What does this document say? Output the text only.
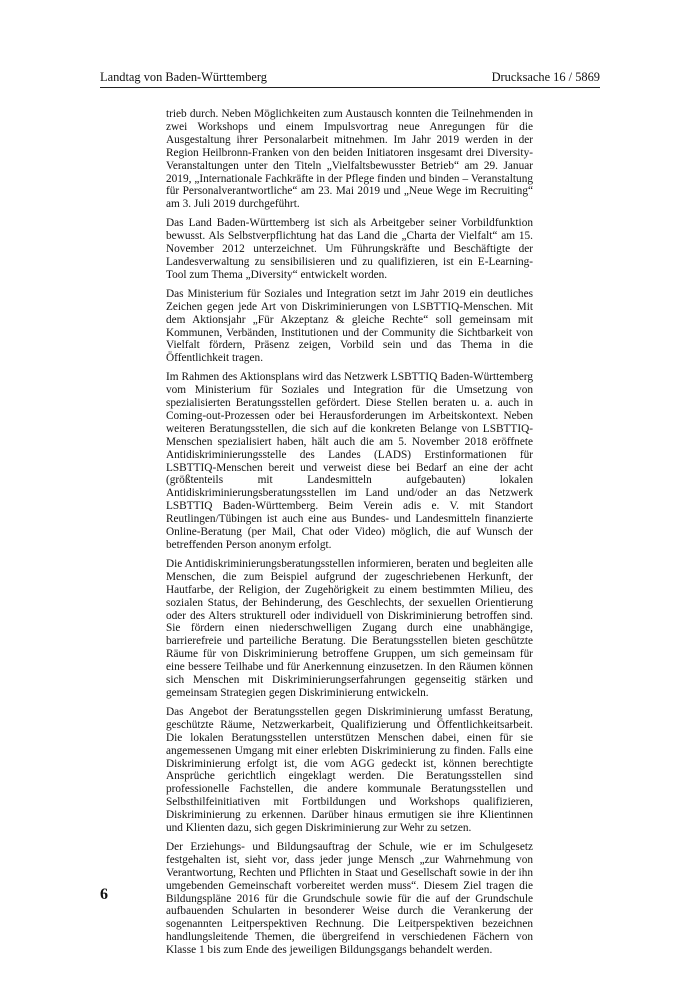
Landtag von Baden-Württemberg	Drucksache 16 / 5869

trieb durch. Neben Möglichkeiten zum Austausch konnten die Teilnehmenden in zwei Workshops und einem Impulsvortrag neue Anregungen für die Ausgestaltung ihrer Personalarbeit mitnehmen. Im Jahr 2019 werden in der Region Heilbronn-Franken von den beiden Initiatoren insgesamt drei Diversity-Veranstaltungen unter den Titeln „Vielfaltsbewusster Betrieb“ am 29. Januar 2019, „Internationale Fachkräfte in der Pflege finden und binden – Veranstaltung für Personalverantwortliche“ am 23. Mai 2019 und „Neue Wege im Recruiting“ am 3. Juli 2019 durchgeführt.

Das Land Baden-Württemberg ist sich als Arbeitgeber seiner Vorbildfunktion bewusst. Als Selbstverpflichtung hat das Land die „Charta der Vielfalt“ am 15. November 2012 unterzeichnet. Um Führungskräfte und Beschäftigte der Landesverwaltung zu sensibilisieren und zu qualifizieren, ist ein E-Learning-Tool zum Thema „Diversity“ entwickelt worden.

Das Ministerium für Soziales und Integration setzt im Jahr 2019 ein deutliches Zeichen gegen jede Art von Diskriminierungen von LSBTTIQ-Menschen. Mit dem Aktionsjahr „Für Akzeptanz & gleiche Rechte“ soll gemeinsam mit Kommunen, Verbänden, Institutionen und der Community die Sichtbarkeit von Vielfalt fördern, Präsenz zeigen, Vorbild sein und das Thema in die Öffentlichkeit tragen.

Im Rahmen des Aktionsplans wird das Netzwerk LSBTTIQ Baden-Württemberg vom Ministerium für Soziales und Integration für die Umsetzung von spezialisierten Beratungsstellen gefördert. Diese Stellen beraten u. a. auch in Coming-out-Prozessen oder bei Herausforderungen im Arbeitskontext. Neben weiteren Beratungsstellen, die sich auf die konkreten Belange von LSBTTIQ-Menschen spezialisiert haben, hält auch die am 5. November 2018 eröffnete Antidiskriminierungsstelle des Landes (LADS) Erstinformationen für LSBTTIQ-Menschen bereit und verweist diese bei Bedarf an eine der acht (größtenteils mit Landesmitteln aufgebauten) lokalen Antidiskriminierungsberatungsstellen im Land und/oder an das Netzwerk LSBTTIQ Baden-Württemberg. Beim Verein adis e. V. mit Standort Reutlingen/Tübingen ist auch eine aus Bundes- und Landesmitteln finanzierte Online-Beratung (per Mail, Chat oder Video) möglich, die auf Wunsch der betreffenden Person anonym erfolgt.

Die Antidiskriminierungsberatungsstellen informieren, beraten und begleiten alle Menschen, die zum Beispiel aufgrund der zugeschriebenen Herkunft, der Hautfarbe, der Religion, der Zugehörigkeit zu einem bestimmten Milieu, des sozialen Status, der Behinderung, des Geschlechts, der sexuellen Orientierung oder des Alters strukturell oder individuell von Diskriminierung betroffen sind. Sie fördern einen niederschwelligen Zugang durch eine unabhängige, barrierefreie und parteiliche Beratung. Die Beratungsstellen bieten geschützte Räume für von Diskriminierung betroffene Gruppen, um sich gemeinsam für eine bessere Teilhabe und für Anerkennung einzusetzen. In den Räumen können sich Menschen mit Diskriminierungserfahrungen gegenseitig stärken und gemeinsam Strategien gegen Diskriminierung entwickeln.

Das Angebot der Beratungsstellen gegen Diskriminierung umfasst Beratung, geschützte Räume, Netzwerkarbeit, Qualifizierung und Öffentlichkeitsarbeit. Die lokalen Beratungsstellen unterstützen Menschen dabei, einen für sie angemessenen Umgang mit einer erlebten Diskriminierung zu finden. Falls eine Diskriminierung erfolgt ist, die vom AGG gedeckt ist, können berechtigte Ansprüche gerichtlich eingeklagt werden. Die Beratungsstellen sind professionelle Fachstellen, die andere kommunale Beratungsstellen und Selbsthilfeinitiativen mit Fortbildungen und Workshops qualifizieren, Diskriminierung zu erkennen. Darüber hinaus ermutigen sie ihre Klientinnen und Klienten dazu, sich gegen Diskriminierung zur Wehr zu setzen.

Der Erziehungs- und Bildungsauftrag der Schule, wie er im Schulgesetz festgehalten ist, sieht vor, dass jeder junge Mensch „zur Wahrnehmung von Verantwortung, Rechten und Pflichten in Staat und Gesellschaft sowie in der ihn umgebenden Gemeinschaft vorbereitet werden muss“. Diesem Ziel tragen die Bildungspläne 2016 für die Grundschule sowie für die auf der Grundschule aufbauenden Schularten in besonderer Weise durch die Verankerung der sogenannten Leitperspektiven Rechnung. Die Leitperspektiven bezeichnen handlungsleitende Themen, die übergreifend in verschiedenen Fächern von Klasse 1 bis zum Ende des jeweiligen Bildungsgangs behandelt werden.

6
